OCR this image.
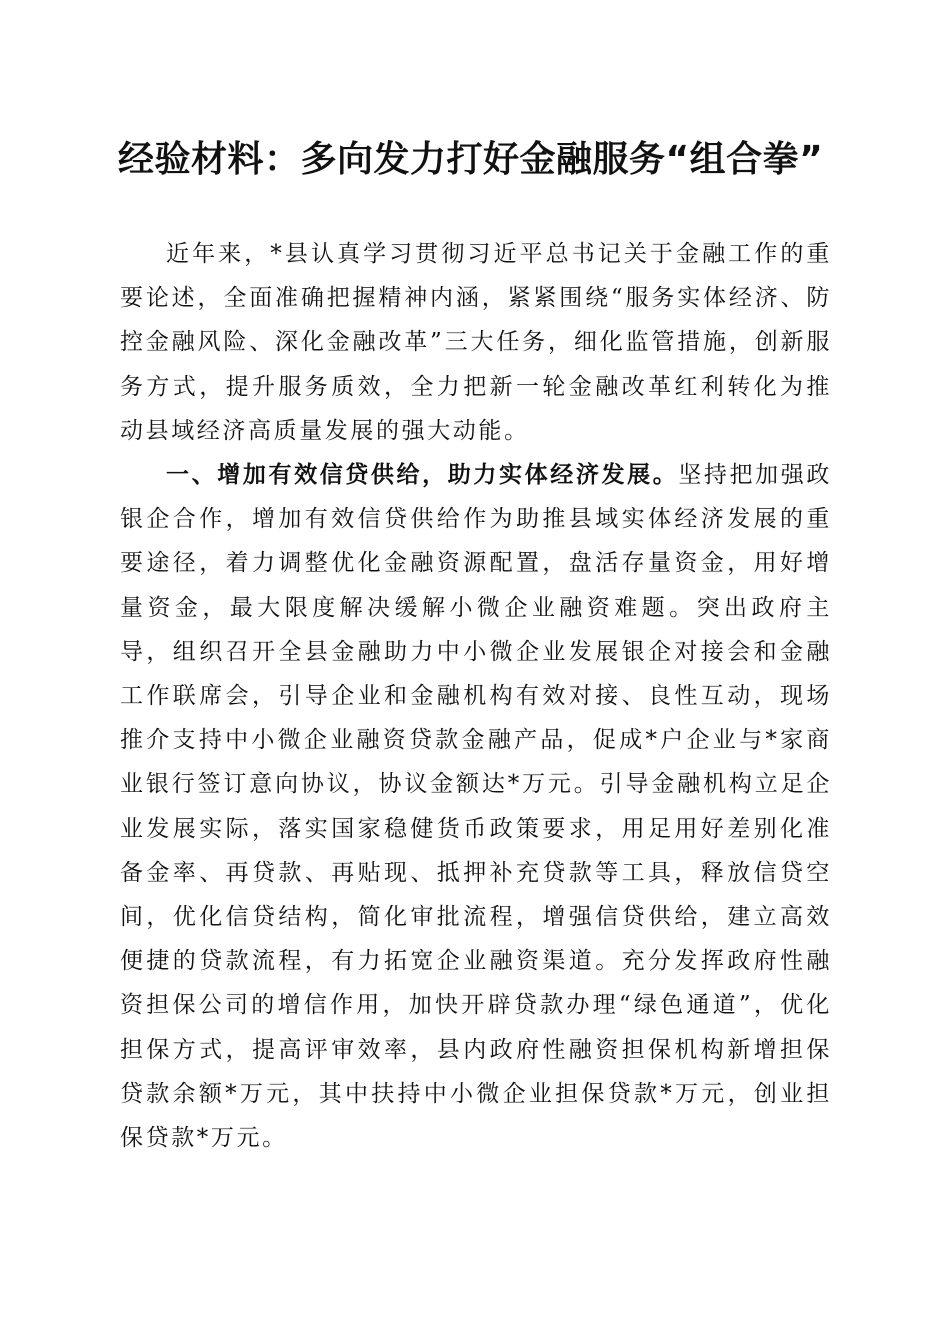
经验材料：多向发力打好金融服务“组合拳”

近年来，*县认真学习贯彻习近平总书记关于金融工作的重要论述，全面准确把握精神内涵，紧紧围绕“服务实体经济、防控金融风险、深化金融改革”三大任务，细化监管措施，创新服务方式，提升服务质效，全力把新一轮金融改革红利转化为推动县域经济高质量发展的强大动能。

一、增加有效信贷供给，助力实体经济发展。坚持把加强政银企合作，增加有效信贷供给作为助推县域实体经济发展的重要途径，着力调整优化金融资源配置，盘活存量资金，用好增量资金，最大限度解决缓解小微企业融资难题。突出政府主导，组织召开全县金融助力中小微企业发展银企对接会和金融工作联席会，引导企业和金融机构有效对接、良性互动，现场推介支持中小微企业融资贷款金融产品，促成*户企业与*家商业银行签订意向协议，协议金额达*万元。引导金融机构立足企业发展实际，落实国家稳健货币政策要求，用足用好差别化准备金率、再贷款、再贴现、抵押补充贷款等工具，释放信贷空间，优化信贷结构，简化审批流程，增强信贷供给，建立高效便捷的贷款流程，有力拓宽企业融资渠道。充分发挥政府性融资担保公司的增信作用，加快开辟贷款办理“绿色通道”，优化担保方式，提高评审效率，县内政府性融资担保机构新增担保贷款余额*万元，其中扶持中小微企业担保贷款*万元，创业担保贷款*万元。
